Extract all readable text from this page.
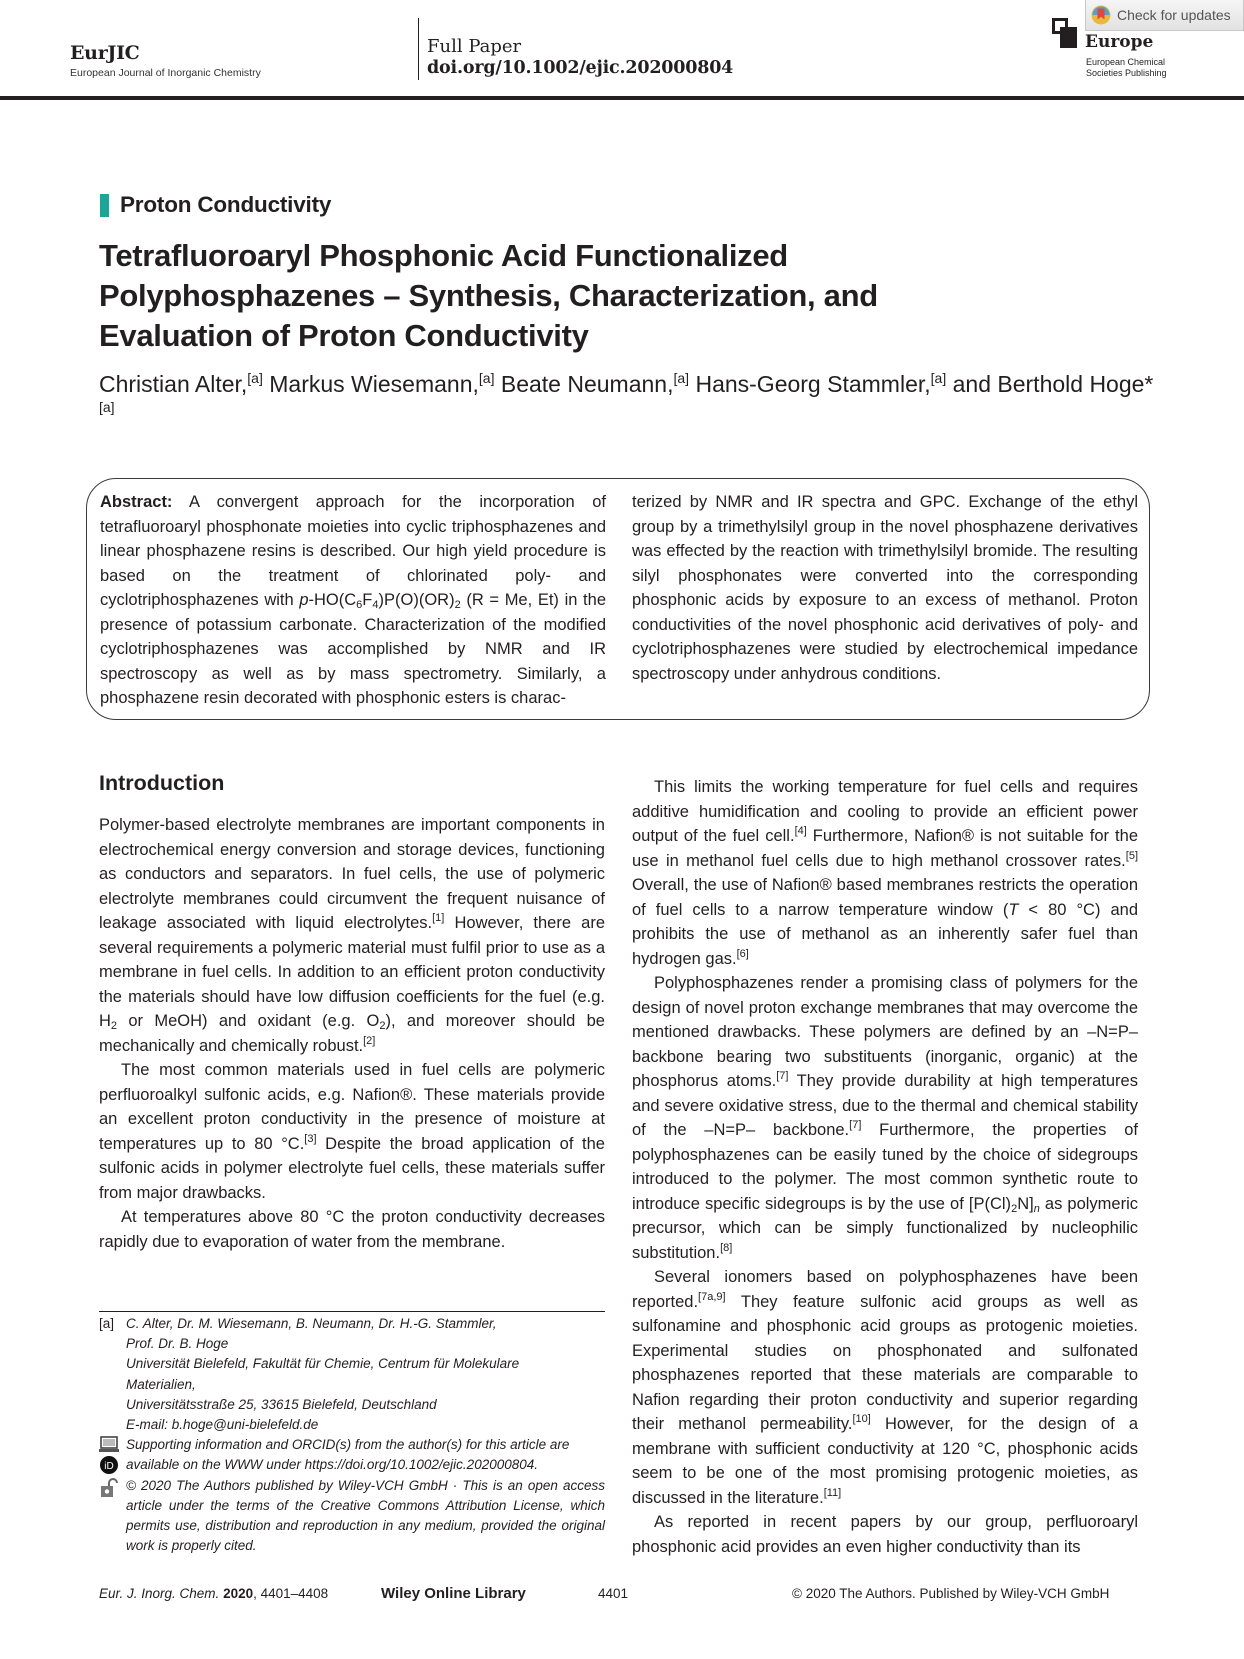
EurJIC
European Journal of Inorganic Chemistry
Full Paper
doi.org/10.1002/ejic.202000804
Europe
European Chemical
Societies Publishing
Check for updates
Proton Conductivity
Tetrafluoroaryl Phosphonic Acid Functionalized
Polyphosphazenes – Synthesis, Characterization, and
Evaluation of Proton Conductivity
Christian Alter,[a] Markus Wiesemann,[a] Beate Neumann,[a] Hans-Georg Stammler,[a] and Berthold Hoge*[a]
Abstract: A convergent approach for the incorporation of tetrafluoroaryl phosphonate moieties into cyclic triphosphazenes and linear phosphazene resins is described. Our high yield procedure is based on the treatment of chlorinated poly- and cyclotriphosphazenes with $p-HO(C_6F_4)P(O)(OR)_2$ (R = Me, Et) in the presence of potassium carbonate. Characterization of the modified cyclotriphosphazenes was accomplished by NMR and IR spectroscopy as well as by mass spectrometry. Similarly, a phosphazene resin decorated with phosphonic esters is charac-
terized by NMR and IR spectra and GPC. Exchange of the ethyl group by a trimethylsilyl group in the novel phosphazene derivatives was effected by the reaction with trimethylsilyl bromide. The resulting silyl phosphonates were converted into the corresponding phosphonic acids by exposure to an excess of methanol. Proton conductivities of the novel phosphonic acid derivatives of poly- and cyclotriphosphazenes were studied by electrochemical impedance spectroscopy under anhydrous conditions.
Introduction

Polymer-based electrolyte membranes are important components in electrochemical energy conversion and storage devices, functioning as conductors and separators. In fuel cells, the use of polymeric electrolyte membranes could circumvent the frequent nuisance of leakage associated with liquid electrolytes.[1] However, there are several requirements a polymeric material must fulfil prior to use as a membrane in fuel cells. In addition to an efficient proton conductivity the materials should have low diffusion coefficients for the fuel (e.g. $H_2$ or MeOH) and oxidant (e.g. $O_2$), and moreover should be mechanically and chemically robust.[2]

The most common materials used in fuel cells are polymeric perfluoroalkyl sulfonic acids, e.g. Nafion®. These materials provide an excellent proton conductivity in the presence of moisture at temperatures up to 80 °C.[3] Despite the broad application of the sulfonic acids in polymer electrolyte fuel cells, these materials suffer from major drawbacks.

At temperatures above 80 °C the proton conductivity decreases rapidly due to evaporation of water from the membrane.

This limits the working temperature for fuel cells and requires additive humidification and cooling to provide an efficient power output of the fuel cell.[4] Furthermore, Nafion® is not suitable for the use in methanol fuel cells due to high methanol crossover rates.[5] Overall, the use of Nafion® based membranes restricts the operation of fuel cells to a narrow temperature window (T < 80 °C) and prohibits the use of methanol as an inherently safer fuel than hydrogen gas.[6]

Polyphosphazenes render a promising class of polymers for the design of novel proton exchange membranes that may overcome the mentioned drawbacks. These polymers are defined by an –N=P– backbone bearing two substituents (inorganic, organic) at the phosphorus atoms.[7] They provide durability at high temperatures and severe oxidative stress, due to the thermal and chemical stability of the –N=P– backbone.[7] Furthermore, the properties of polyphosphazenes can be easily tuned by the choice of sidegroups introduced to the polymer. The most common synthetic route to introduce specific sidegroups is by the use of $[P(Cl)_2N]_n$ as polymeric precursor, which can be simply functionalized by nucleophilic substitution.[8]

Several ionomers based on polyphosphazenes have been reported.[7a,9] They feature sulfonic acid groups as well as sulfonamine and phosphonic acid groups as protogenic moieties. Experimental studies on phosphonated and sulfonated phosphazenes reported that these materials are comparable to Nafion regarding their proton conductivity and superior regarding their methanol permeability.[10] However, for the design of a membrane with sufficient conductivity at 120 °C, phosphonic acids seem to be one of the most promising protogenic moieties, as discussed in the literature.[11]

As reported in recent papers by our group, perfluoroaryl phosphonic acid provides an even higher conductivity than its

[a] C. Alter, Dr. M. Wiesemann, B. Neumann, Dr. H.-G. Stammler,
Prof. Dr. B. Hoge
Universität Bielefeld, Fakultät für Chemie, Centrum für Molekulare
Materialien,
Universitätsstraße 25, 33615 Bielefeld, Deutschland
E-mail: b.hoge@uni-bielefeld.de
iD
Supporting information and ORCID(s) from the author(s) for this article are
available on the WWW under https://doi.org/10.1002/ejic.202000804.
© 2020 The Authors published by Wiley-VCH GmbH · This is an open access article under the terms of the Creative Commons Attribution License, which permits use, distribution and reproduction in any medium, provided the original work is properly cited.
Eur. J. Inorg. Chem. 2020, 4401–4408	Wiley Online Library	4401	© 2020 The Authors. Published by Wiley-VCH GmbH
